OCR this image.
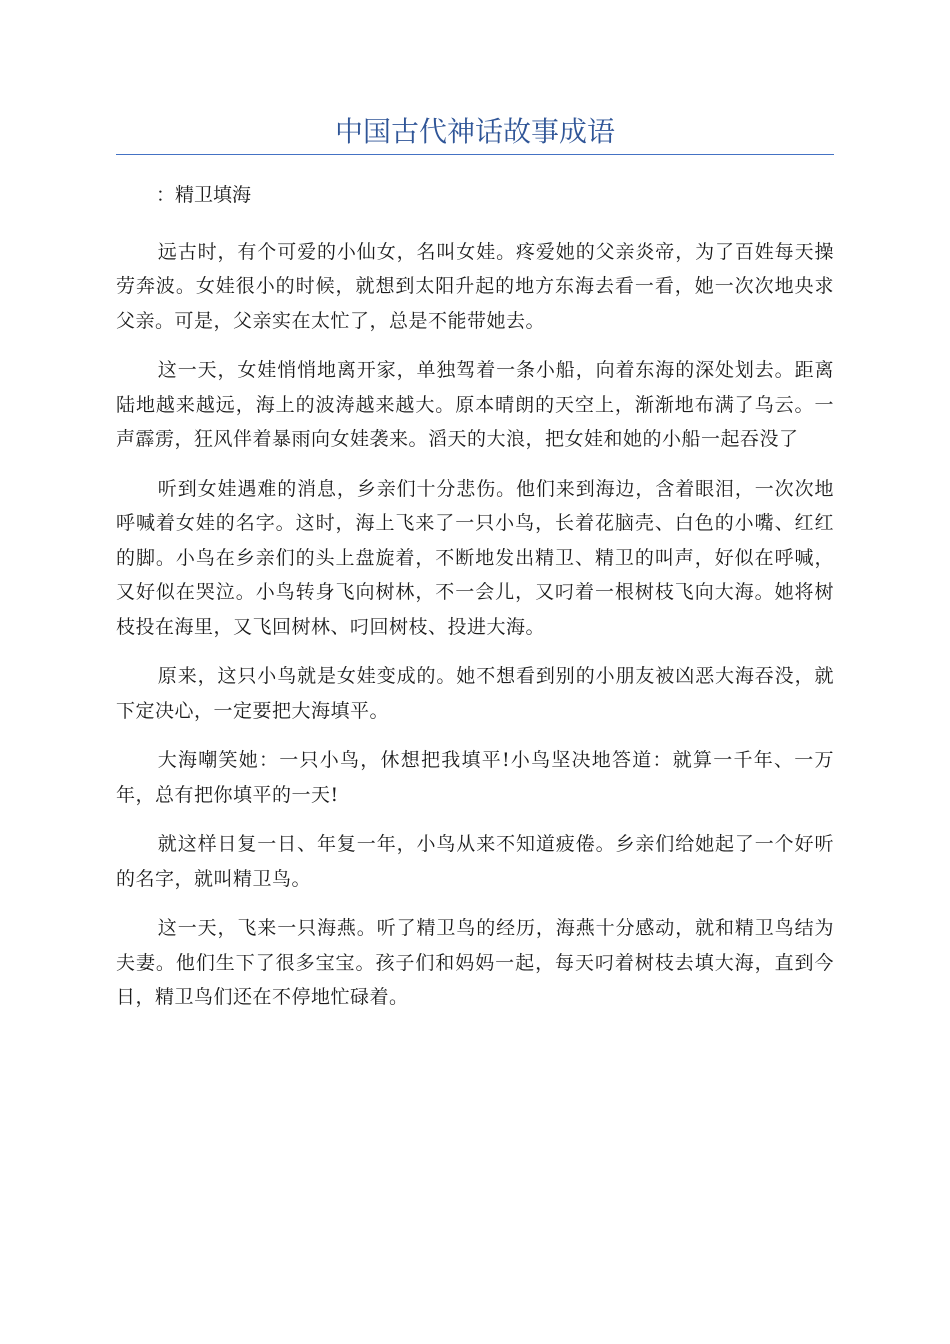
中国古代神话故事成语

：精卫填海

远古时，有个可爱的小仙女，名叫女娃。疼爱她的父亲炎帝，为了百姓每天操劳奔波。女娃很小的时候，就想到太阳升起的地方东海去看一看，她一次次地央求父亲。可是，父亲实在太忙了，总是不能带她去。

这一天，女娃悄悄地离开家，单独驾着一条小船，向着东海的深处划去。距离陆地越来越远，海上的波涛越来越大。原本晴朗的天空上，渐渐地布满了乌云。一声霹雳，狂风伴着暴雨向女娃袭来。滔天的大浪，把女娃和她的小船一起吞没了

听到女娃遇难的消息，乡亲们十分悲伤。他们来到海边，含着眼泪，一次次地呼喊着女娃的名字。这时，海上飞来了一只小鸟，长着花脑壳、白色的小嘴、红红的脚。小鸟在乡亲们的头上盘旋着，不断地发出精卫、精卫的叫声，好似在呼喊，又好似在哭泣。小鸟转身飞向树林，不一会儿，又叼着一根树枝飞向大海。她将树枝投在海里，又飞回树林、叼回树枝、投进大海。

原来，这只小鸟就是女娃变成的。她不想看到别的小朋友被凶恶大海吞没，就下定决心，一定要把大海填平。

大海嘲笑她：一只小鸟，休想把我填平!小鸟坚决地答道：就算一千年、一万年，总有把你填平的一天!

就这样日复一日、年复一年，小鸟从来不知道疲倦。乡亲们给她起了一个好听的名字，就叫精卫鸟。

这一天，飞来一只海燕。听了精卫鸟的经历，海燕十分感动，就和精卫鸟结为夫妻。他们生下了很多宝宝。孩子们和妈妈一起，每天叼着树枝去填大海，直到今日，精卫鸟们还在不停地忙碌着。
